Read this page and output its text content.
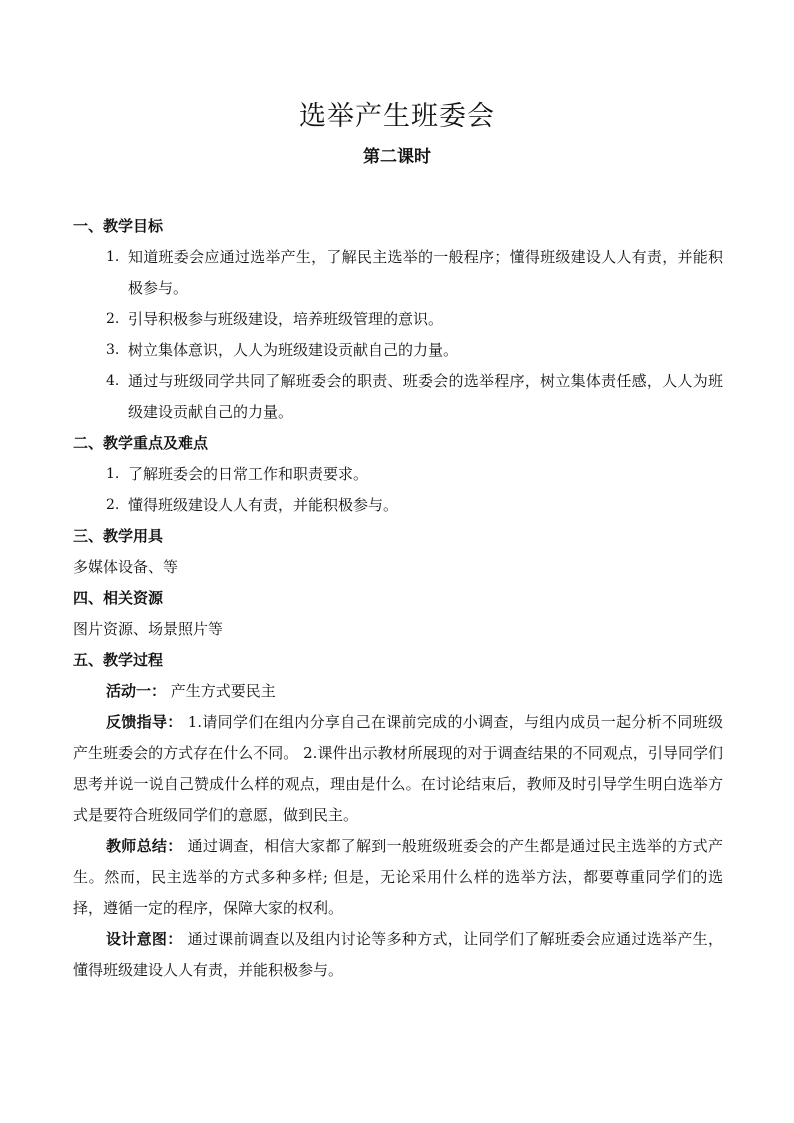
选举产生班委会
第二课时
一、教学目标
1. 知道班委会应通过选举产生，了解民主选举的一般程序；懂得班级建设人人有责，并能积极参与。
2. 引导积极参与班级建设，培养班级管理的意识。
3. 树立集体意识，人人为班级建设贡献自己的力量。
4. 通过与班级同学共同了解班委会的职责、班委会的选举程序，树立集体责任感，人人为班级建设贡献自己的力量。
二、教学重点及难点
1. 了解班委会的日常工作和职责要求。
2. 懂得班级建设人人有责，并能积极参与。
三、教学用具
多媒体设备、等
四、相关资源
图片资源、场景照片等
五、教学过程
活动一： 产生方式要民主
反馈指导： 1.请同学们在组内分享自己在课前完成的小调查，与组内成员一起分析不同班级产生班委会的方式存在什么不同。 2.课件出示教材所展现的对于调查结果的不同观点，引导同学们思考并说一说自己赞成什么样的观点，理由是什么。在讨论结束后，教师及时引导学生明白选举方式是要符合班级同学们的意愿，做到民主。
教师总结： 通过调查，相信大家都了解到一般班级班委会的产生都是通过民主选举的方式产生。然而，民主选举的方式多种多样; 但是，无论采用什么样的选举方法，都要尊重同学们的选择，遵循一定的程序，保障大家的权利。
设计意图： 通过课前调查以及组内讨论等多种方式，让同学们了解班委会应通过选举产生，懂得班级建设人人有责，并能积极参与。
